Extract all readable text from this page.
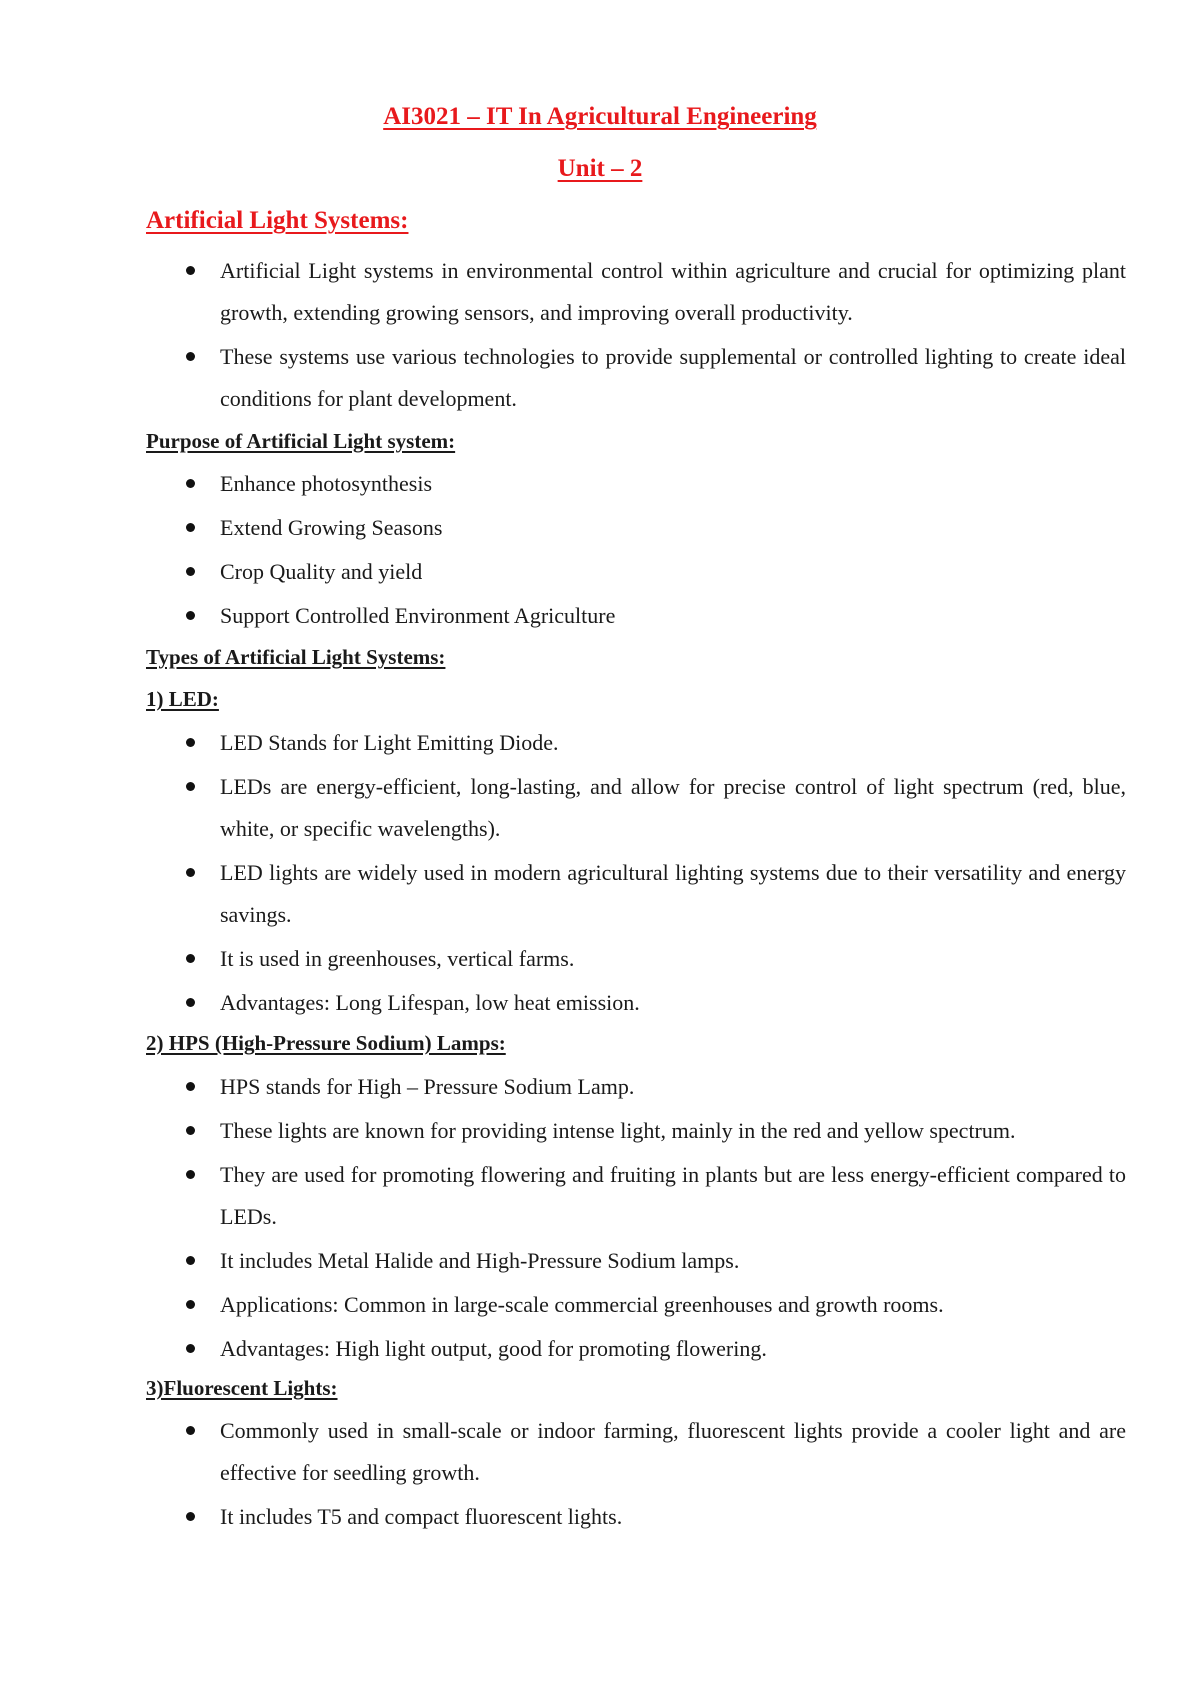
AI3021 – IT In Agricultural Engineering
Unit – 2
Artificial Light Systems:
Artificial Light systems in environmental control within agriculture and crucial for optimizing plant growth, extending growing sensors, and improving overall productivity.
These systems use various technologies to provide supplemental or controlled lighting to create ideal conditions for plant development.
Purpose of Artificial Light system:
Enhance photosynthesis
Extend Growing Seasons
Crop Quality and yield
Support Controlled Environment Agriculture
Types of Artificial Light Systems:
1) LED:
LED Stands for Light Emitting Diode.
LEDs are energy-efficient, long-lasting, and allow for precise control of light spectrum (red, blue, white, or specific wavelengths).
LED lights are widely used in modern agricultural lighting systems due to their versatility and energy savings.
It is used in greenhouses, vertical farms.
Advantages: Long Lifespan, low heat emission.
2) HPS (High-Pressure Sodium) Lamps:
HPS stands for High – Pressure Sodium Lamp.
These lights are known for providing intense light, mainly in the red and yellow spectrum.
They are used for promoting flowering and fruiting in plants but are less energy-efficient compared to LEDs.
It includes Metal Halide and High-Pressure Sodium lamps.
Applications: Common in large-scale commercial greenhouses and growth rooms.
Advantages: High light output, good for promoting flowering.
3)Fluorescent Lights:
Commonly used in small-scale or indoor farming, fluorescent lights provide a cooler light and are effective for seedling growth.
It includes T5 and compact fluorescent lights.
